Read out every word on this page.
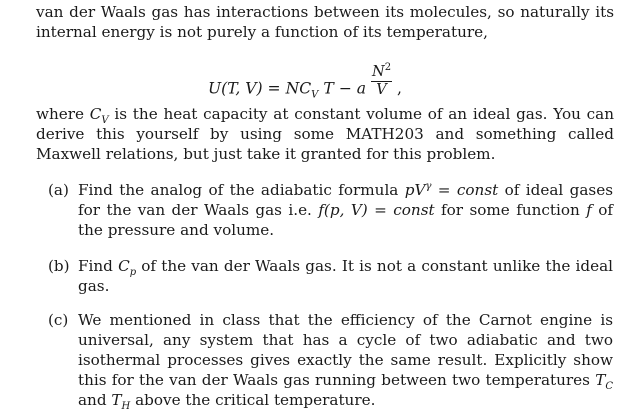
van der Waals gas has interactions between its molecules, so naturally its internal energy is not purely a function of its temperature,
U(T, $V) = NC_V$ T − a $\frac{N^2}{V}$ ,
where $C_V$ is the heat capacity at constant volume of an ideal gas. You can derive this yourself by using some MATH203 and something called Maxwell relations, but just take it granted for this problem.
(a) Find the analog of the adiabatic formula $pV^\gamma$ = const of ideal gases for the van der Waals gas i.e. f(p, V) = const for some function f of the pressure and volume.
(b) Find $C_p$ of the van der Waals gas. It is not a constant unlike the ideal gas.
(c) We mentioned in class that the efficiency of the Carnot engine is universal, any system that has a cycle of two adiabatic and two isothermal processes gives exactly the same result. Explicitly show this for the van der Waals gas running between two temperatures $T_C$ and $T_H$ above the critical temperature.
